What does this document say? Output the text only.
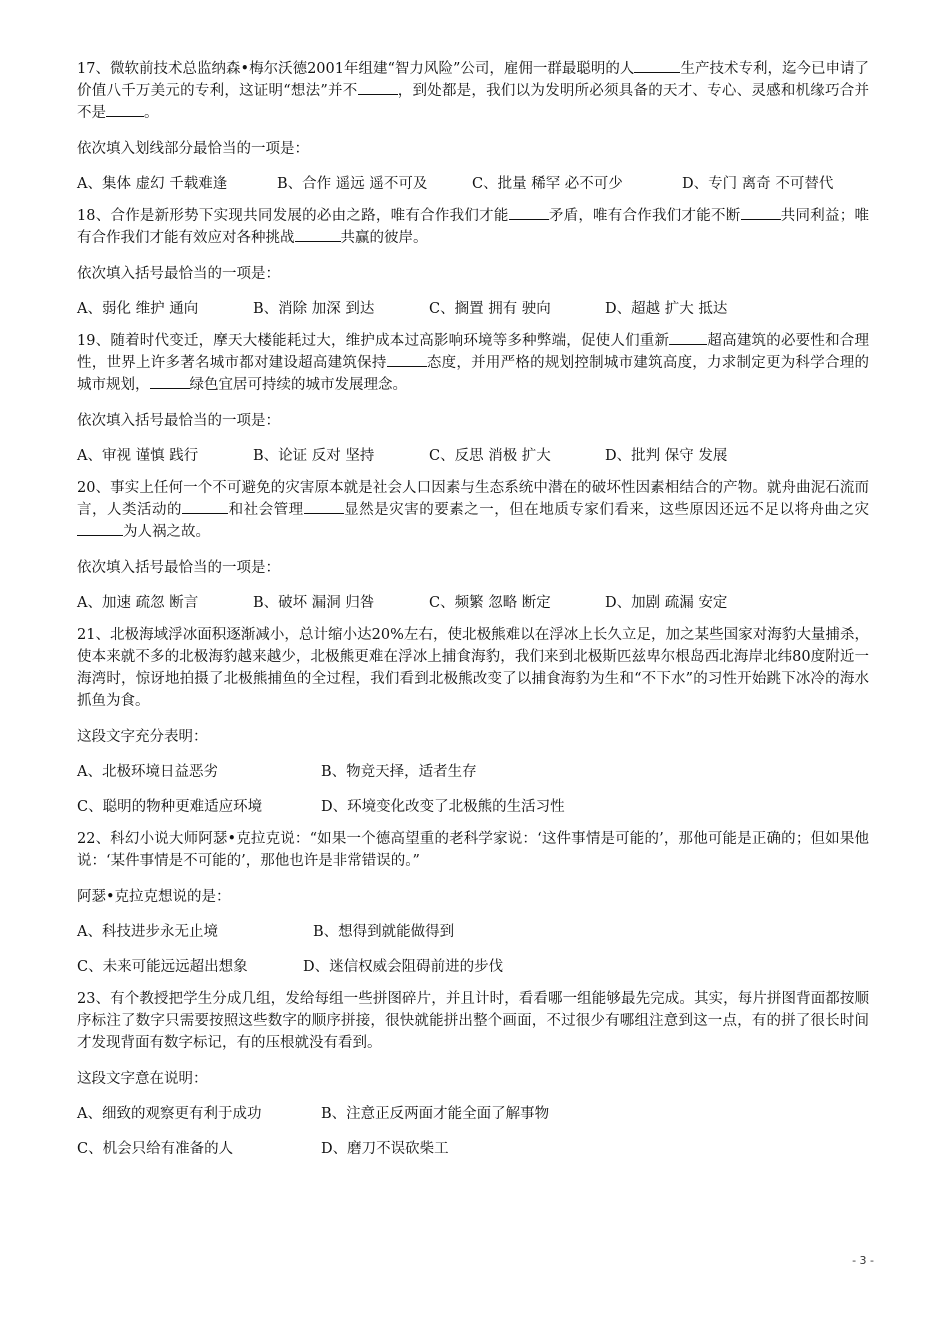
17、微软前技术总监纳森•梅尔沃德2001年组建“智力风险”公司，雇佣一群最聪明的人	生产技术专利，迄今已申请了价值八千万美元的专利，这证明“想法”并不	，到处都是，我们以为发明所必须具备的天才、专心、灵感和机缘巧合并不是	。

依次填入划线部分最恰当的一项是：

A、集体 虚幻 千载难逢	B、合作 遥远 遥不可及	C、批量 稀罕 必不可少	D、专门 离奇 不可替代

18、合作是新形势下实现共同发展的必由之路，唯有合作我们才能	矛盾，唯有合作我们才能不断	共同利益；唯有合作我们才能有效应对各种挑战	共赢的彼岸。

依次填入括号最恰当的一项是：

A、弱化 维护 通向	B、消除 加深 到达	C、搁置 拥有 驶向	D、超越 扩大 抵达

19、随着时代变迁，摩天大楼能耗过大，维护成本过高影响环境等多种弊端，促使人们重新	超高建筑的必要性和合理性，世界上许多著名城市都对建设超高建筑保持	态度，并用严格的规划控制城市建筑高度，力求制定更为科学合理的城市规划，	绿色宜居可持续的城市发展理念。

依次填入括号最恰当的一项是：

A、审视 谨慎 践行	B、论证 反对 坚持	C、反思 消极 扩大	D、批判 保守 发展

20、事实上任何一个不可避免的灾害原本就是社会人口因素与生态系统中潜在的破坏性因素相结合的产物。就舟曲泥石流而言，人类活动的	和社会管理	显然是灾害的要素之一，但在地质专家们看来，这些原因还远不足以将舟曲之灾为人祸之故。

依次填入括号最恰当的一项是：

A、加速 疏忽 断言	B、破坏 漏洞 归咎	C、频繁 忽略 断定	D、加剧 疏漏 安定

21、北极海域浮冰面积逐渐减小，总计缩小达20%左右，使北极熊难以在浮冰上长久立足，加之某些国家对海豹大量捕杀，使本来就不多的北极海豹越来越少，北极熊更难在浮冰上捕食海豹，我们来到北极斯匹兹卑尔根岛西北海岸北纬80度附近一海湾时，惊讶地拍摄了北极熊捕鱼的全过程，我们看到北极熊改变了以捕食海豹为生和“不下水”的习性开始跳下冰冷的海水抓鱼为食。

这段文字充分表明：

A、北极环境日益恶劣	B、物竞天择，适者生存

C、聪明的物种更难适应环境	D、环境变化改变了北极熊的生活习性

22、科幻小说大师阿瑟•克拉克说：“如果一个德高望重的老科学家说：‘这件事情是可能的’，那他可能是正确的；但如果他说：‘某件事情是不可能的’，那他也许是非常错误的。”

阿瑟•克拉克想说的是：

A、科技进步永无止境	B、想得到就能做得到

C、未来可能远远超出想象	D、迷信权威会阻碍前进的步伐

23、有个教授把学生分成几组，发给每组一些拼图碎片，并且计时，看看哪一组能够最先完成。其实，每片拼图背面都按顺序标注了数字只需要按照这些数字的顺序拼接，很快就能拼出整个画面，不过很少有哪组注意到这一点，有的拼了很长时间才发现背面有数字标记，有的压根就没有看到。

这段文字意在说明：

A、细致的观察更有利于成功	B、注意正反两面才能全面了解事物

C、机会只给有准备的人	D、磨刀不误砍柴工

- 3 -
